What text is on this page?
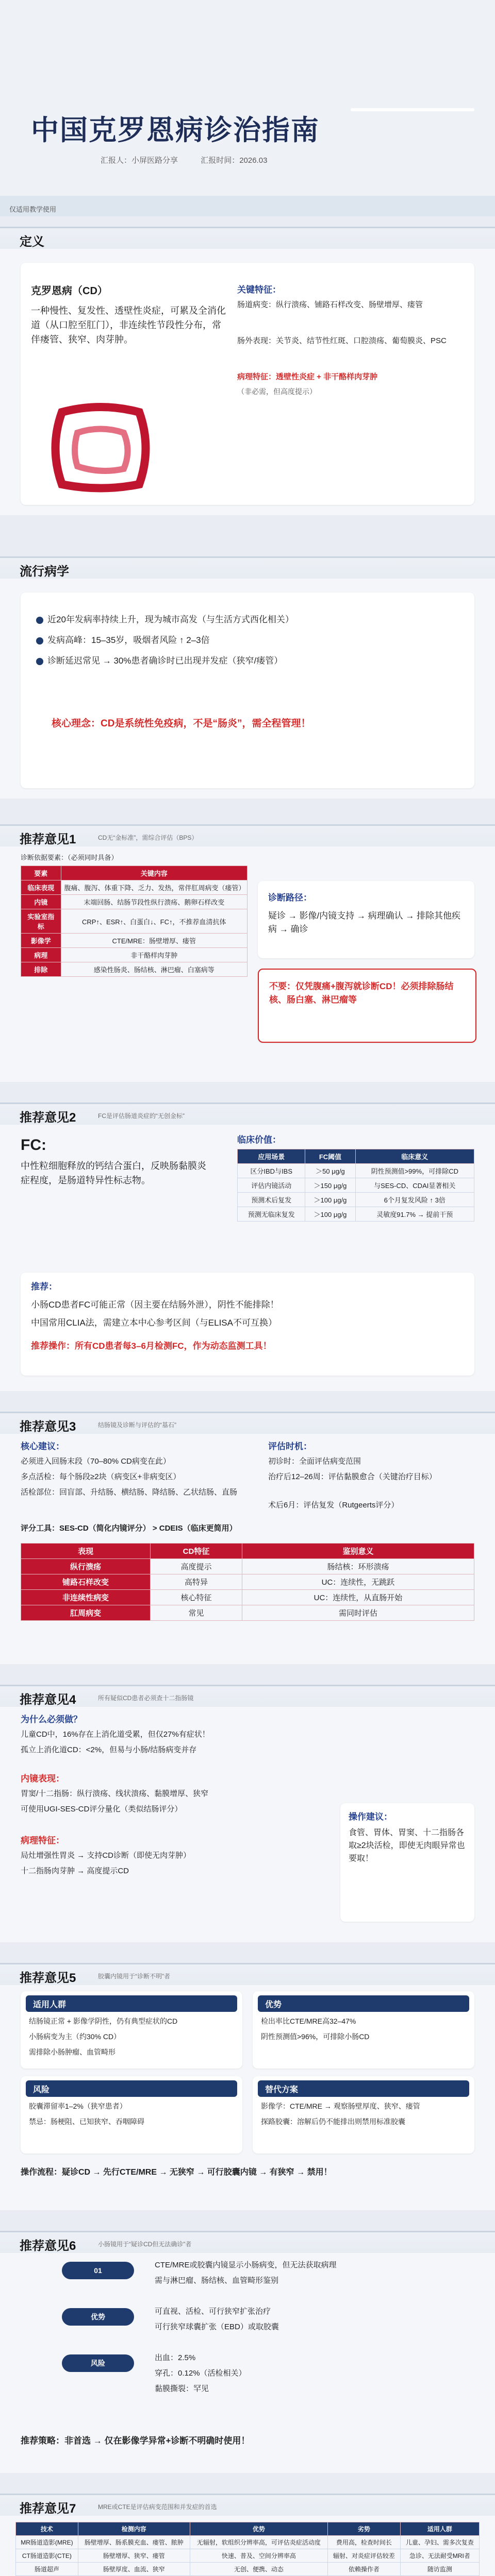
中国克罗恩病诊治指南
汇报人：小屏医路分享	汇报时间：2026.03
仅适用教学使用
定义
克罗恩病（CD）
一种慢性、复发性、透壁性炎症，可累及全消化道（从口腔至肛门），非连续性节段性分布，常伴瘘管、狭窄、肉芽肿。
关键特征：
肠道病变：纵行溃疡、铺路石样改变、肠壁增厚、瘘管
肠外表现：关节炎、结节性红斑、口腔溃疡、葡萄膜炎、PSC
病理特征：透壁性炎症 + 非干酪样肉芽肿
（非必需，但高度提示）
流行病学
近20年发病率持续上升，现为城市高发（与生活方式西化相关）
发病高峰：15–35岁，吸烟者风险 ↑ 2–3倍
诊断延迟常见 → 30%患者确诊时已出现并发症（狭窄/瘘管）
核心理念：CD是系统性免疫病，不是“肠炎”，需全程管理！
推荐意见1	CD无“金标准”，需综合评估（BPS）
诊断依据要素：（必须同时具备）
要素	关键内容
临床表现	腹痛、腹泻、体重下降、乏力、发热，常伴肛周病变（瘘管）
内镜	末端回肠、结肠节段性纵行溃疡、鹅卵石样改变
实验室指标	CRP↑、ESR↑、白蛋白↓、FC↑，不推荐血清抗体
影像学	CTE/MRE：肠壁增厚、瘘管
病理	非干酪样肉芽肿
排除	感染性肠炎、肠结核、淋巴瘤、白塞病等
诊断路径：
疑诊 → 影像/内镜支持 → 病理确认 → 排除其他疾病 → 确诊
不要：仅凭腹痛+腹泻就诊断CD！必须排除肠结核、肠白塞、淋巴瘤等
推荐意见2	FC是评估肠道炎症的“无创金标”
FC:
中性粒细胞释放的钙结合蛋白，反映肠黏膜炎症程度，是肠道特异性标志物。
临床价值：
应用场景	FC阈值	临床意义
区分IBD与IBS	＞50 μg/g	阴性预测值>99%，可排除CD
评估内镜活动	＞150 μg/g	与SES-CD、CDAI显著相关
预测术后复发	＞100 μg/g	6个月复发风险 ↑ 3倍
预测无临床复发	＞100 μg/g	灵敏度91.7% → 提前干预
推荐：
小肠CD患者FC可能正常（因主要在结肠外泄），阴性不能排除！
中国常用CLIA法，需建立本中心参考区间（与ELISA不可互换）
推荐操作：所有CD患者每3–6月检测FC，作为动态监测工具！
推荐意见3	结肠镜及诊断与评估的“基石”
核心建议：
必须进入回肠末段（70–80% CD病变在此）
多点活检：每个肠段≥2块（病变区+非病变区）
活检部位：回盲部、升结肠、横结肠、降结肠、乙状结肠、直肠
评估时机：
初诊时：全面评估病变范围
治疗后12–26周：评估黏膜愈合（关键治疗目标）
术后6月：评估复发（Rutgeerts评分）
评分工具：SES-CD（简化内镜评分） > CDEIS（临床更简用）
表现	CD特征	鉴别意义
纵行溃疡	高度提示	肠结核：环形溃疡
铺路石样改变	高特异	UC：连续性，无跳跃
非连续性病变	核心特征	UC：连续性，从直肠开始
肛周病变	常见	需同时评估
推荐意见4	所有疑似CD患者必须查十二指肠镜
为什么必须做？
儿童CD中，16%存在上消化道受累，但仅27%有症状！
孤立上消化道CD：<2%，但易与小肠/结肠病变并存
内镜表现：
胃窦/十二指肠：纵行溃疡、线状溃疡、黏膜增厚、狭窄
可使用UGI-SES-CD评分量化（类似结肠评分）
病理特征：
局灶增强性胃炎 → 支持CD诊断（即使无肉芽肿）
十二指肠肉芽肿 → 高度提示CD
操作建议：
食管、胃体、胃窦、十二指肠各取≥2块活检，即使无肉眼异常也要取！
推荐意见5	胶囊内镜用于“诊断不明”者
适用人群
结肠镜正常 + 影像学阴性，仍有典型症状的CD
小肠病变为主（约30% CD）
需排除小肠肿瘤、血管畸形
优势
检出率比CTE/MRE高32–47%
阴性预测值>96%，可排除小肠CD
风险
胶囊滞留率1–2%（狭窄患者）
禁忌：肠梗阻、已知狭窄、吞咽障碍
替代方案
影像学：CTE/MRE → 观察肠壁厚度、狭窄、瘘管
探路胶囊：溶解后仍不能排出则禁用标准胶囊
操作流程：疑诊CD → 先行CTE/MRE → 无狭窄 → 可行胶囊内镜 → 有狭窄 → 禁用！
推荐意见6	小肠镜用于“疑诊CD但无法确诊”者
01
CTE/MRE或胶囊内镜显示小肠病变，但无法获取病理
需与淋巴瘤、肠结核、血管畸形鉴别
优势
可直视、活检、可行狭窄扩张治疗
可行狭窄球囊扩张（EBD）或取胶囊
风险
出血：2.5%
穿孔：0.12%（活检相关）
黏膜撕裂：罕见
推荐策略：非首选 → 仅在影像学异常+诊断不明确时使用！
推荐意见7	MRE或CTE是评估病变范围和并发症的首选
技术	检测内容	优势	劣势	适用人群
MR肠道造影(MRE)	肠壁增厚、肠系膜充血、瘘管、脓肿	无辐射，软组织分辨率高，可评估炎症活动度	费用高，检查时间长	儿童、孕妇、需多次复查
CT肠道造影(CTE)	肠壁增厚、狭窄、瘘管	快速、普及、空间分辨率高	辐射、对炎症评估较差	急诊、无法耐受MRI者
肠道超声	肠壁厚度、血流、狭窄	无创、便携、动态	依赖操作者	随访监测
